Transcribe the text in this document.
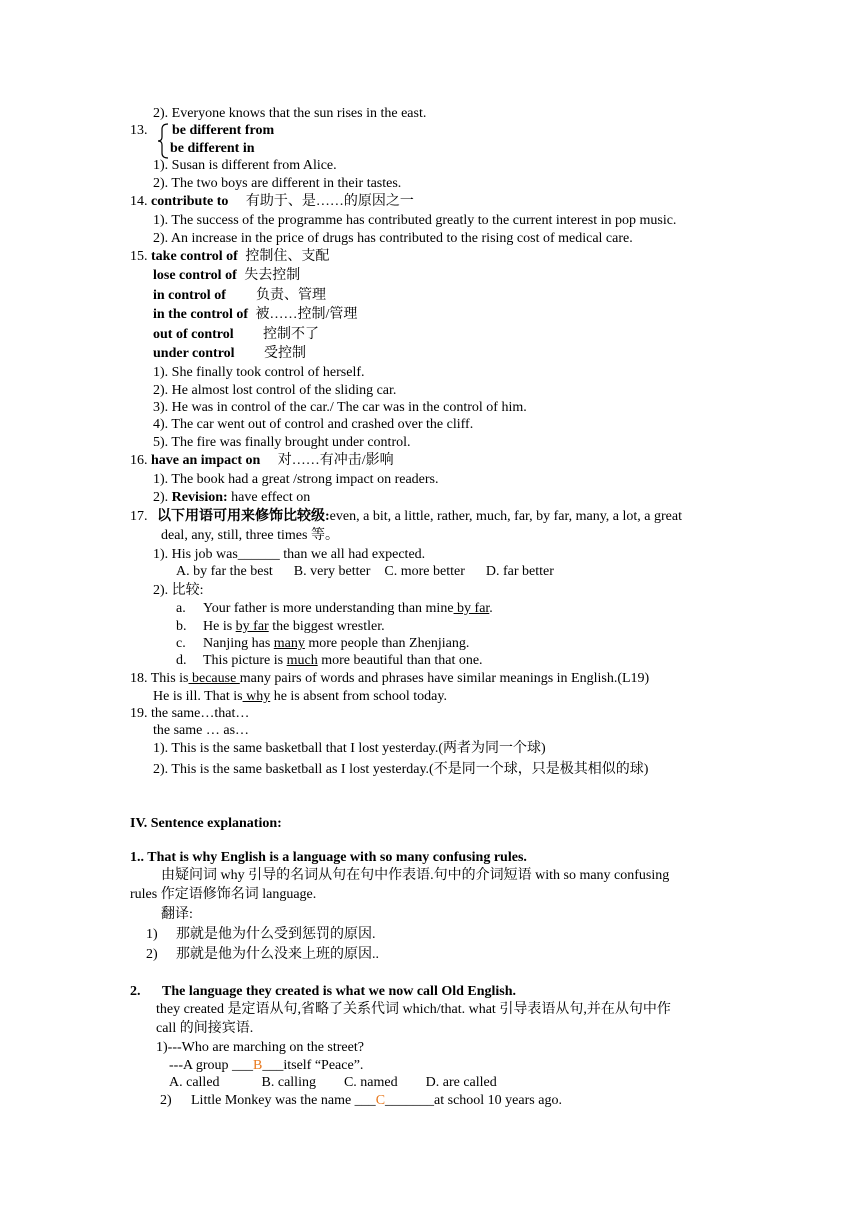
2). Everyone knows that the sun rises in the east.
13. be different from
be different in
1). Susan is different from Alice.
2). The two boys are different in their tastes.
14. contribute to 有助于、是……的原因之一
1). The success of the programme has contributed greatly to the current interest in pop music.
2). An increase in the price of drugs has contributed to the rising cost of medical care.
15. take control of 控制住、支配
lose control of 失去控制
in control of 负责、管理
in the control of 被……控制/管理
out of control 控制不了
under control 受控制
1). She finally took control of herself.
2). He almost lost control of the sliding car.
3). He was in control of the car./ The car was in the control of him.
4). The car went out of control and crashed over the cliff.
5). The fire was finally brought under control.
16. have an impact on 对……有冲击/影响
1). The book had a great /strong impact on readers.
2). Revision: have effect on
17. 以下用语可用来修饰比较级:even, a bit, a little, rather, much, far, by far, many, a lot, a great
deal, any, still, three times 等。
1). His job was______ than we all had expected.
A. by far the best      B. very better    C. more better      D. far better
2). 比较:
a. Your father is more understanding than mine by far.
b. He is by far the biggest wrestler.
c. Nanjing has many more people than Zhenjiang.
d. This picture is much more beautiful than that one.
18. This is because many pairs of words and phrases have similar meanings in English.(L19)
He is ill. That is why he is absent from school today.
19. the same…that…
the same … as…
1). This is the same basketball that I lost yesterday.(两者为同一个球)
2). This is the same basketball as I lost yesterday.(不是同一个球，只是极其相似的球)
IV. Sentence explanation:
1.. That is why English is a language with so many confusing rules.
由疑问词 why 引导的名词从句在句中作表语.句中的介词短语 with so many confusing
rules 作定语修饰名词 language.
翻译:
1) 那就是他为什么受到惩罚的原因.
2) 那就是他为什么没来上班的原因..
2. The language they created is what we now call Old English.
they created 是定语从句,省略了关系代词 which/that. what 引导表语从句,并在从句中作
call 的间接宾语.
1)---Who are marching on the street?
---A group ___B___itself “Peace”.
A. called            B. calling        C. named        D. are called
2) Little Monkey was the name ___C_______at school 10 years ago.
